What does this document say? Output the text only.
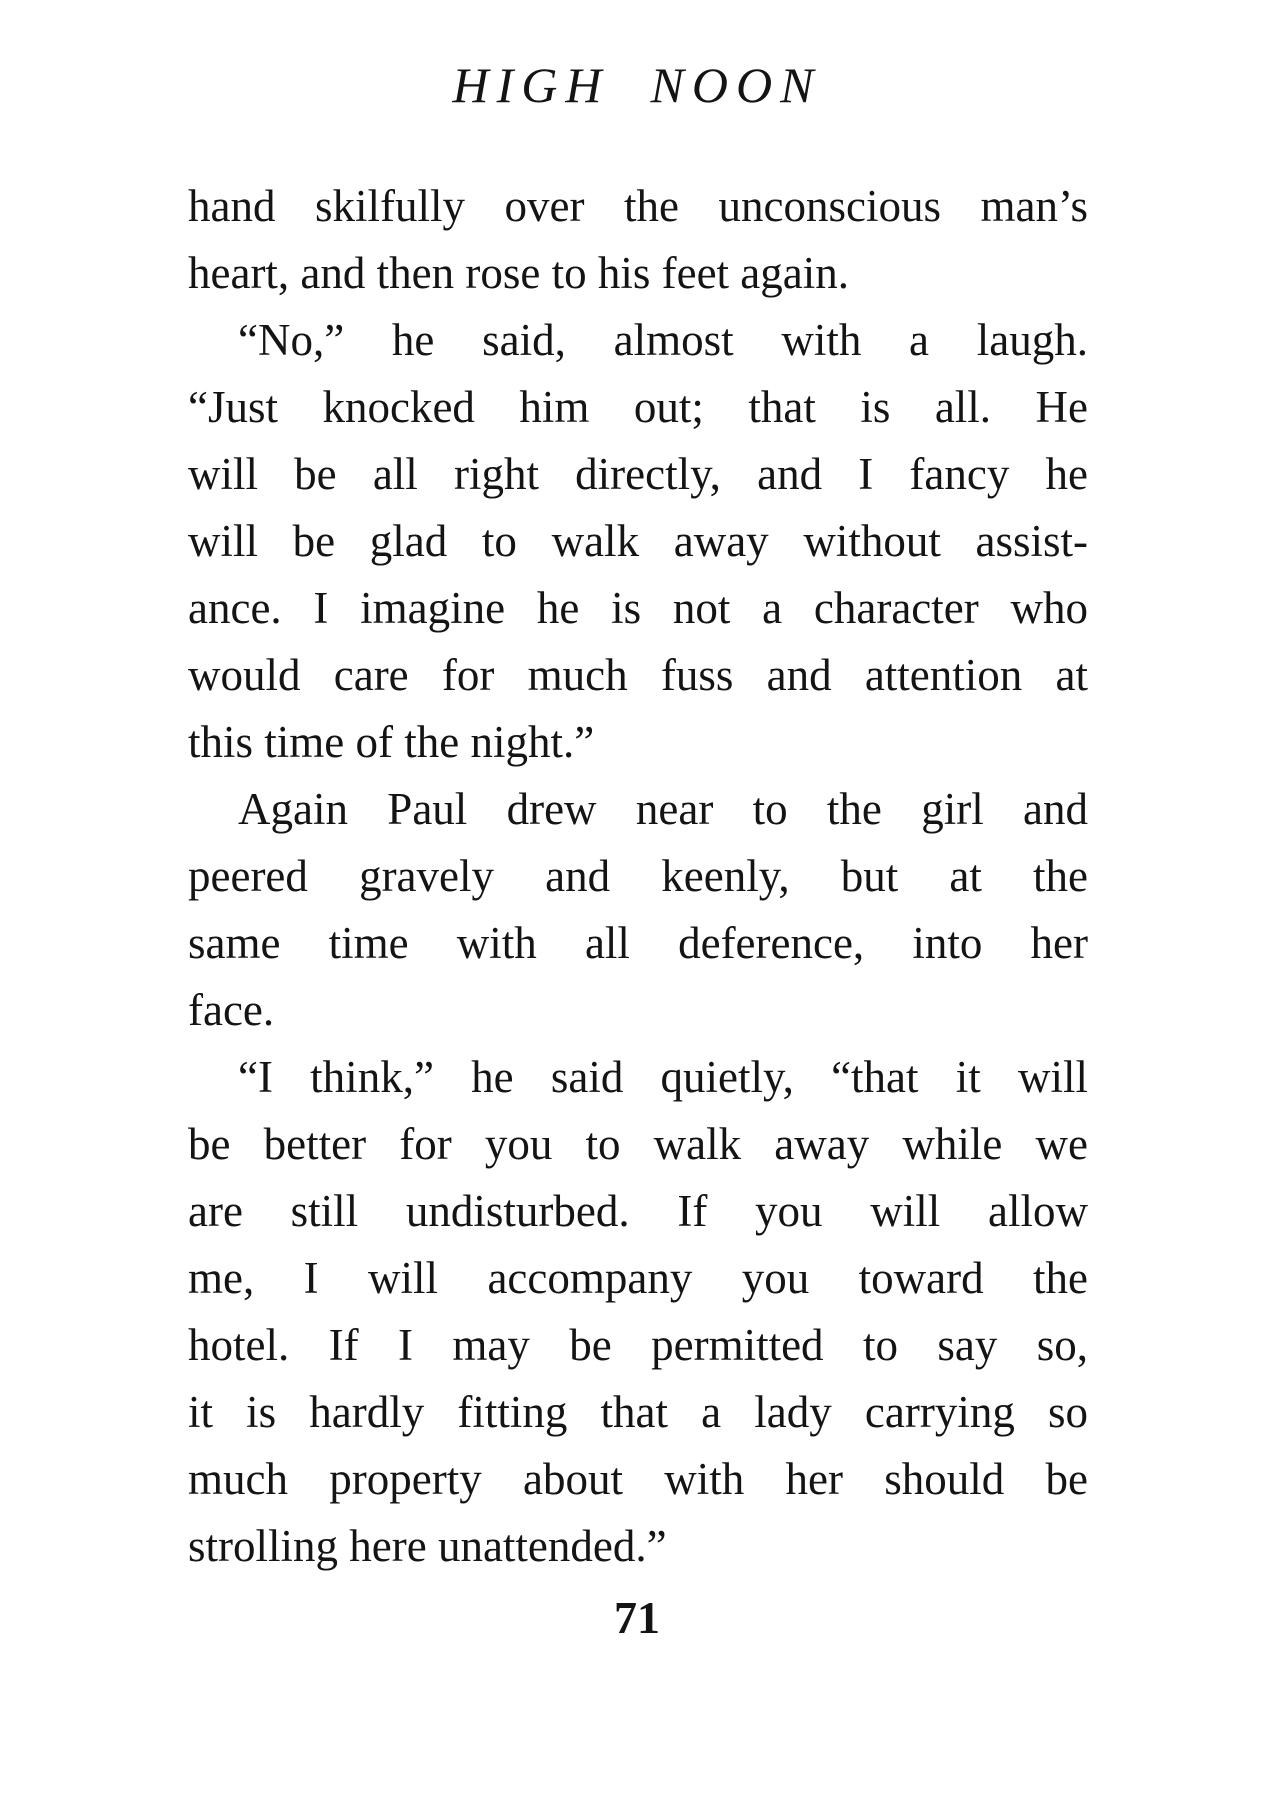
HIGH  NOON
hand skilfully over the unconscious man’s
heart, and then rose to his feet again.
“No,” he said, almost with a laugh.
“Just knocked him out; that is all. He
will be all right directly, and I fancy he
will be glad to walk away without assist-
ance. I imagine he is not a character who
would care for much fuss and attention at
this time of the night.”
Again Paul drew near to the girl and
peered gravely and keenly, but at the
same time with all deference, into her
face.
“I think,” he said quietly, “that it will
be better for you to walk away while we
are still undisturbed. If you will allow
me, I will accompany you toward the
hotel. If I may be permitted to say so,
it is hardly fitting that a lady carrying so
much property about with her should be
strolling here unattended.”
71
